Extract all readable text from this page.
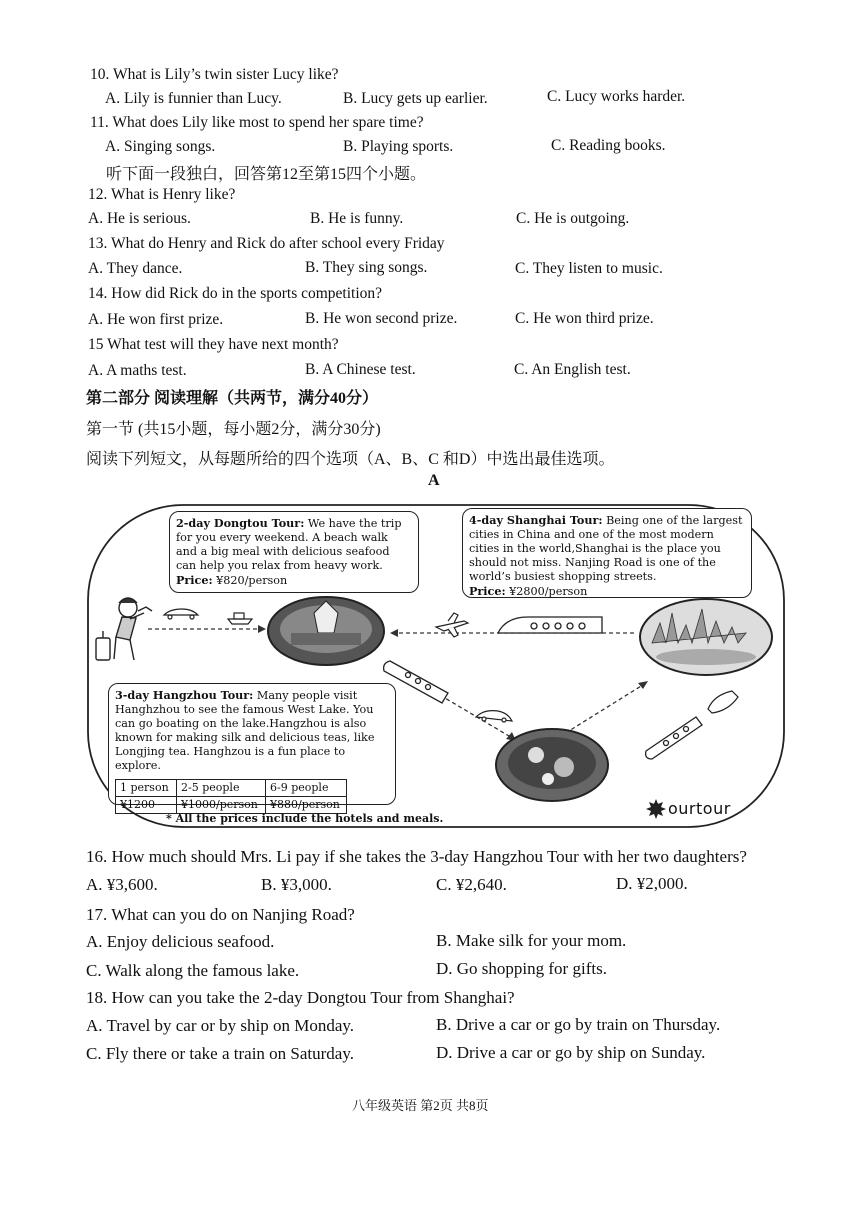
10. What is Lily’s twin sister Lucy like?
A. Lily is funnier than Lucy.	B. Lucy gets up earlier.	C. Lucy works harder.
11. What does Lily like most to spend her spare time?
A. Singing songs.	B. Playing sports.	C. Reading books.
听下面一段独白，回答第12至第15四个小题。
12. What is Henry like?
A. He is serious.	B. He is funny.	C. He is outgoing.
13. What do Henry and Rick do after school every Friday
A. They dance.	B. They sing songs.	C. They listen to music.
14. How did Rick do in the sports competition?
A. He won first prize.	B. He won second prize.	C. He won third prize.
15 What test will they have next month?
A. A maths test.	B. A Chinese test.	C. An English test.
第二部分 阅读理解（共两节，满分40分）
第一节 (共15小题，每小题2分，满分30分)
阅读下列短文，从每题所给的四个选项（A、B、C 和D）中选出最佳选项。
A
2-day Dongtou Tour: We have the trip for you every weekend. A beach walk and a big meal with delicious seafood can help you relax from heavy work.
Price: ¥820/person
4-day Shanghai Tour: Being one of the largest cities in China and one of the most modern cities in the world,Shanghai is the place you should not miss. Nanjing Road is one of the world’s busiest shopping streets.
Price: ¥2800/person
3-day Hangzhou Tour: Many people visit Hanghzhou to see the famous West Lake. You can go boating on the lake.Hangzhou is also known for making silk and delicious teas, like Longjing tea. Hanghzou is a fun place to explore.
1 person	2-5 people	6-9 people
¥1200	¥1000/person	¥880/person
* All the prices include the hotels and meals.
ourtour
16. How much should Mrs. Li pay if she takes the 3-day Hangzhou Tour with her two daughters?
A. ¥3,600.	B. ¥3,000.	C. ¥2,640.	D. ¥2,000.
17. What can you do on Nanjing Road?
A. Enjoy delicious seafood.	B. Make silk for your mom.
C. Walk along the famous lake.	D. Go shopping for gifts.
18. How can you take the 2-day Dongtou Tour from Shanghai?
A. Travel by car or by ship on Monday.	B. Drive a car or go by train on Thursday.
C. Fly there or take a train on Saturday.	D. Drive a car or go by ship on Sunday.
八年级英语 第2页 共8页
